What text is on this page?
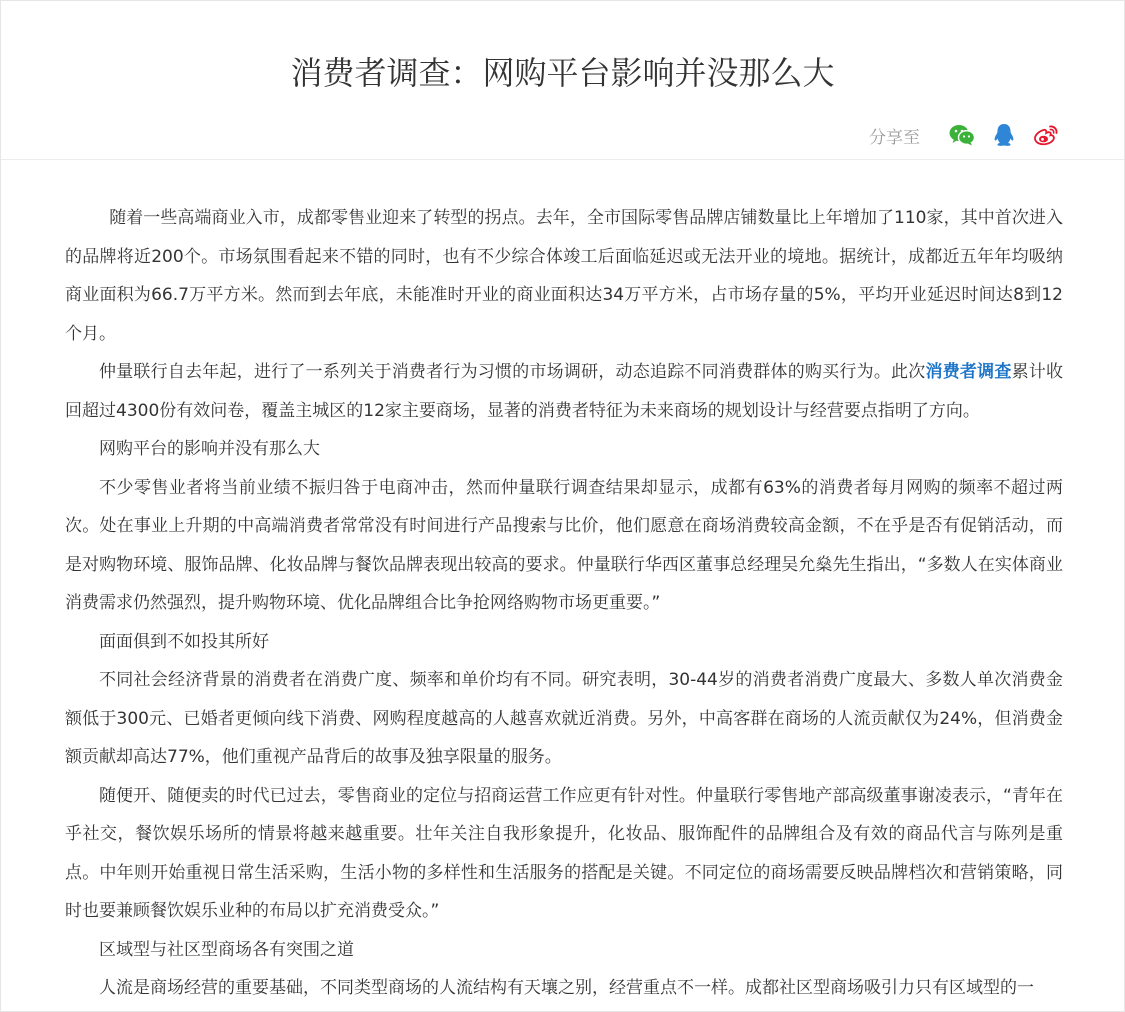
消费者调查：网购平台影响并没那么大
分享至

随着一些高端商业入市，成都零售业迎来了转型的拐点。去年，全市国际零售品牌店铺数量比上年增加了110家，其中首次进入的品牌将近200个。市场氛围看起来不错的同时，也有不少综合体竣工后面临延迟或无法开业的境地。据统计，成都近五年年均吸纳商业面积为66.7万平方米。然而到去年底，未能准时开业的商业面积达34万平方米，占市场存量的5%，平均开业延迟时间达8到12个月。

仲量联行自去年起，进行了一系列关于消费者行为习惯的市场调研，动态追踪不同消费群体的购买行为。此次消费者调查累计收回超过4300份有效问卷，覆盖主城区的12家主要商场，显著的消费者特征为未来商场的规划设计与经营要点指明了方向。

网购平台的影响并没有那么大

不少零售业者将当前业绩不振归咎于电商冲击，然而仲量联行调查结果却显示，成都有63%的消费者每月网购的频率不超过两次。处在事业上升期的中高端消费者常常没有时间进行产品搜索与比价，他们愿意在商场消费较高金额，不在乎是否有促销活动，而是对购物环境、服饰品牌、化妆品牌与餐饮品牌表现出较高的要求。仲量联行华西区董事总经理吴允燊先生指出，“多数人在实体商业消费需求仍然强烈，提升购物环境、优化品牌组合比争抢网络购物市场更重要。”

面面俱到不如投其所好

不同社会经济背景的消费者在消费广度、频率和单价均有不同。研究表明，30-44岁的消费者消费广度最大、多数人单次消费金额低于300元、已婚者更倾向线下消费、网购程度越高的人越喜欢就近消费。另外，中高客群在商场的人流贡献仅为24%，但消费金额贡献却高达77%，他们重视产品背后的故事及独享限量的服务。

随便开、随便卖的时代已过去，零售商业的定位与招商运营工作应更有针对性。仲量联行零售地产部高级董事谢凌表示，“青年在乎社交，餐饮娱乐场所的情景将越来越重要。壮年关注自我形象提升，化妆品、服饰配件的品牌组合及有效的商品代言与陈列是重点。中年则开始重视日常生活采购，生活小物的多样性和生活服务的搭配是关键。不同定位的商场需要反映品牌档次和营销策略，同时也要兼顾餐饮娱乐业种的布局以扩充消费受众。”

区域型与社区型商场各有突围之道

人流是商场经营的重要基础，不同类型商场的人流结构有天壤之别，经营重点不一样。成都社区型商场吸引力只有区域型的一
